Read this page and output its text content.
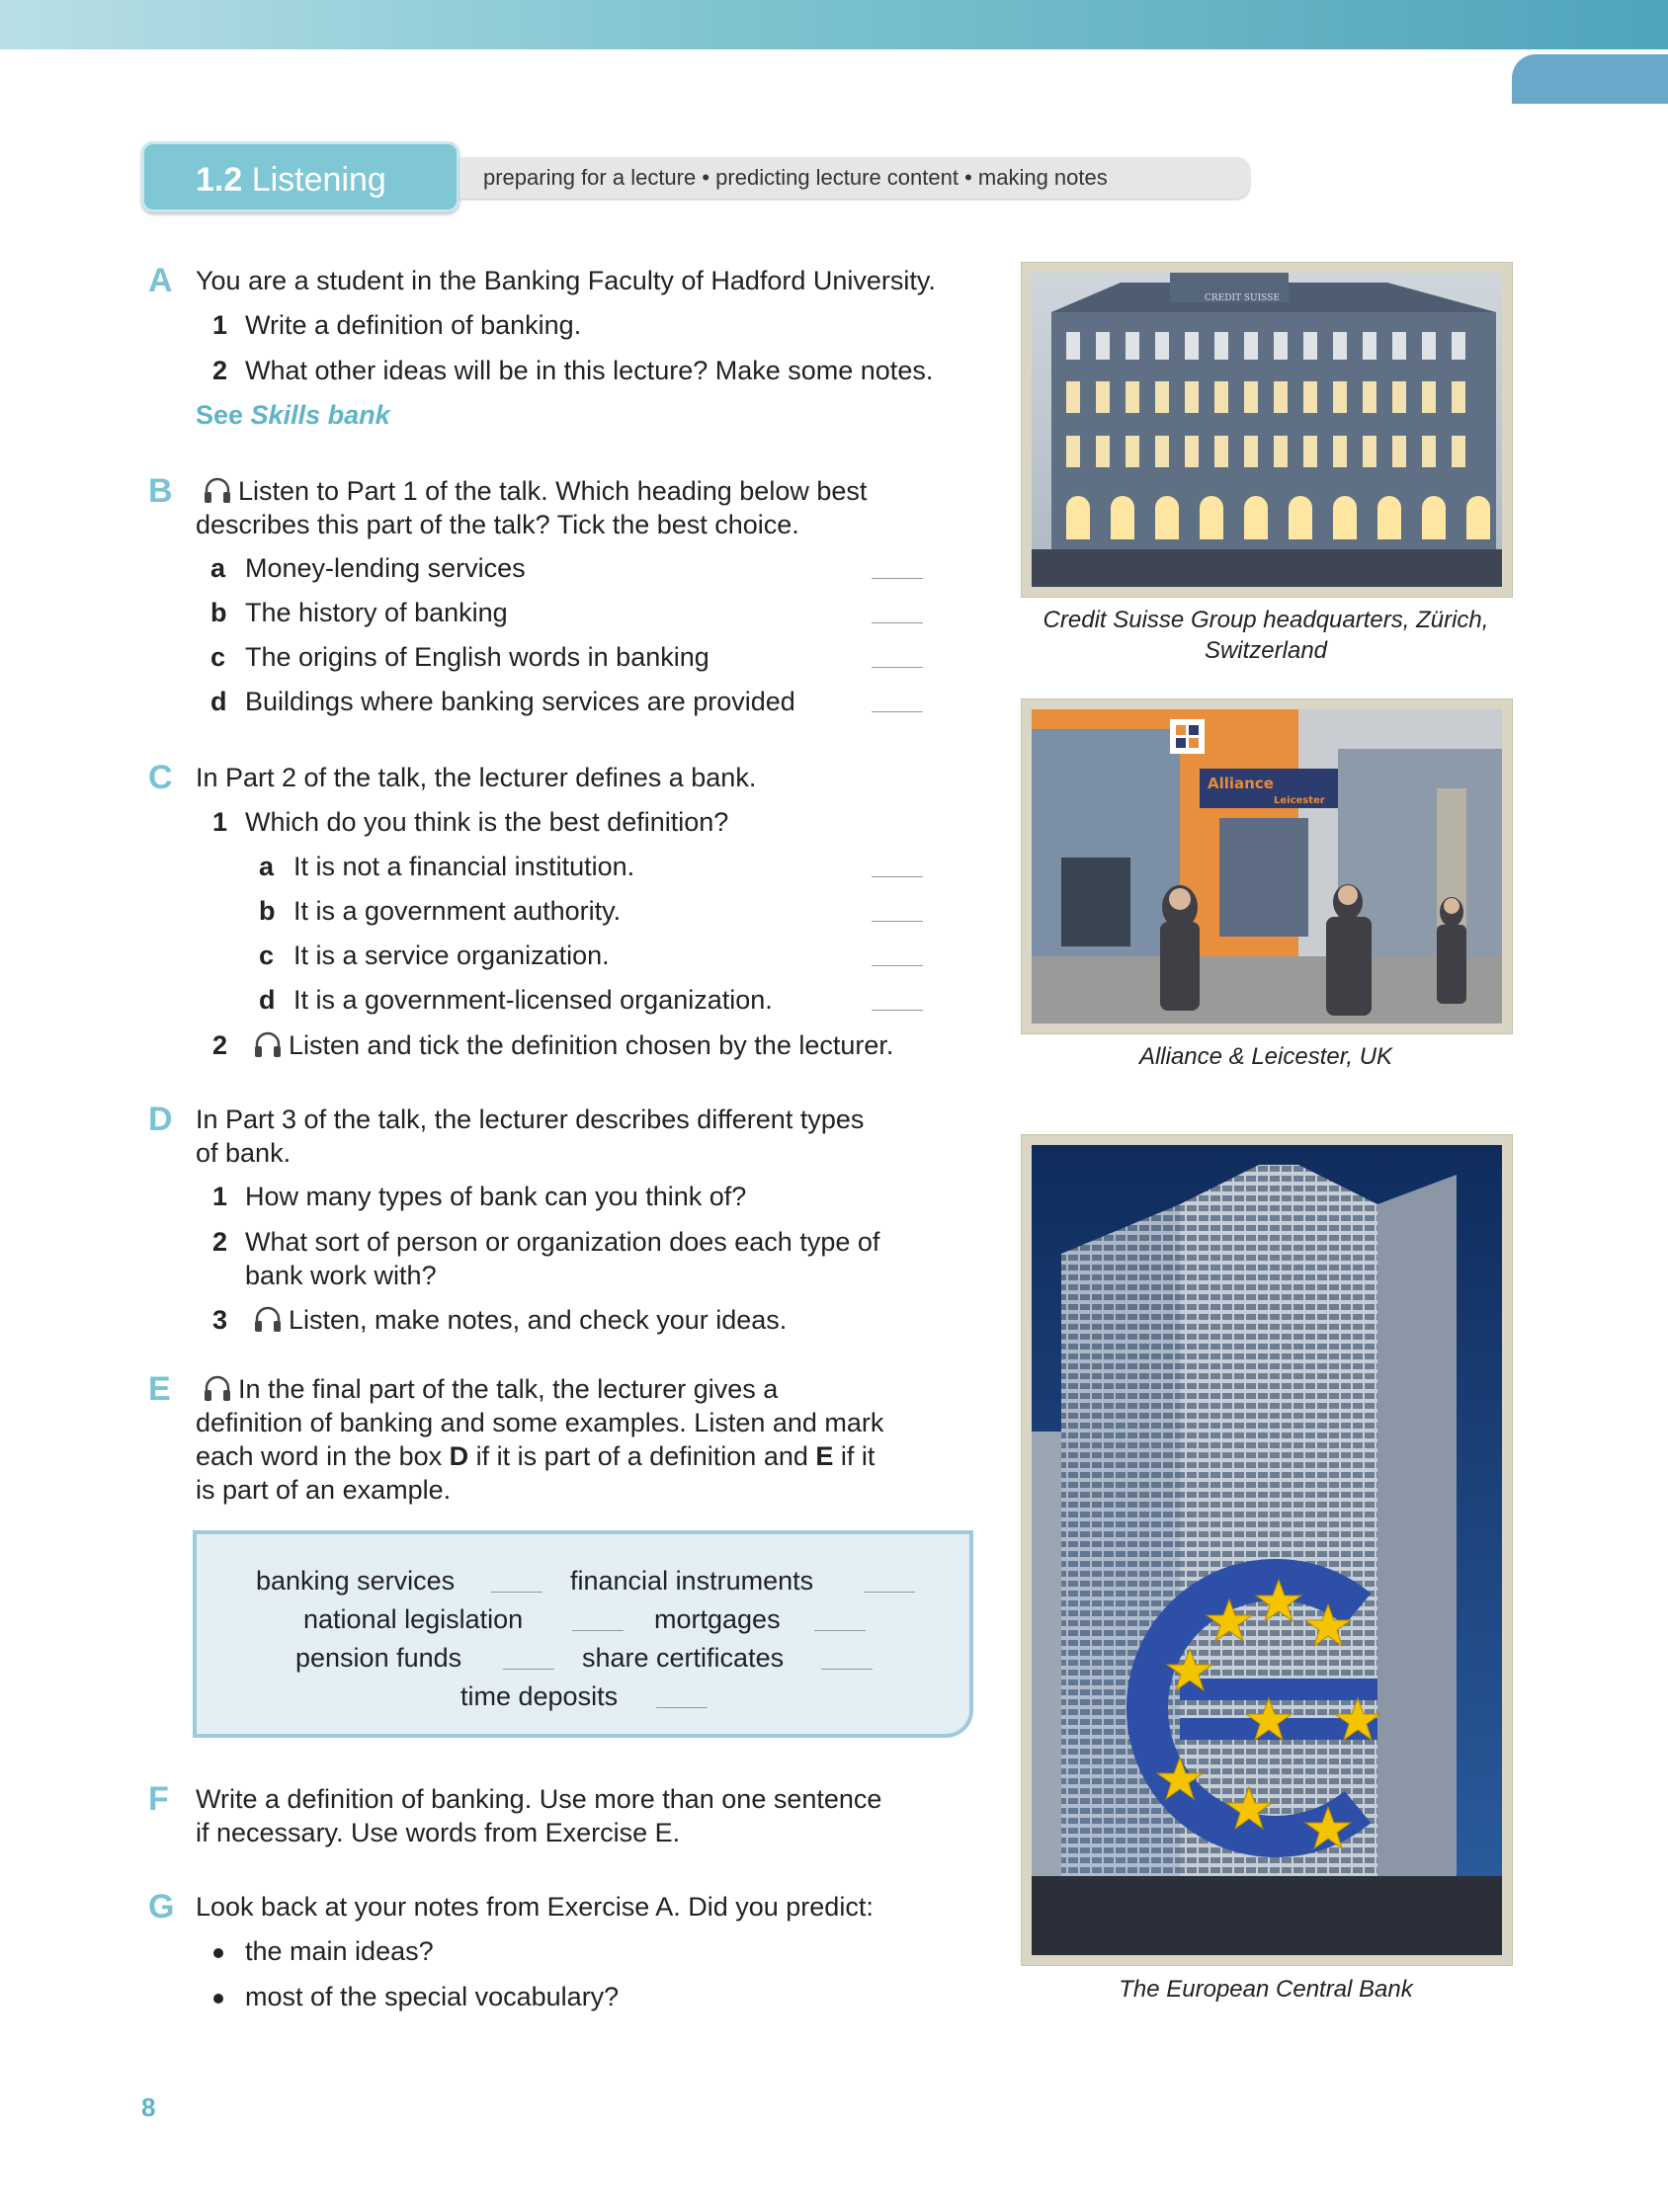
1.2 Listening	preparing for a lecture • predicting lecture content • making notes
A You are a student in the Banking Faculty of Hadford University.
1 Write a definition of banking.
2 What other ideas will be in this lecture? Make some notes.
See Skills bank
B	Listen to Part 1 of the talk. Which heading below best
describes this part of the talk? Tick the best choice.
a Money-lending services
b The history of banking
c The origins of English words in banking
d Buildings where banking services are provided
C In Part 2 of the talk, the lecturer defines a bank.
1 Which do you think is the best definition?
a It is not a financial institution.
b It is a government authority.
c It is a service organization.
d It is a government-licensed organization.
2	Listen and tick the definition chosen by the lecturer.
D In Part 3 of the talk, the lecturer describes different types
of bank.
1 How many types of bank can you think of?
2 What sort of person or organization does each type of
bank work with?
3	Listen, make notes, and check your ideas.
E	In the final part of the talk, the lecturer gives a
definition of banking and some examples. Listen and mark
each word in the box D if it is part of a definition and E if it
is part of an example.
banking services	financial instruments
national legislation	mortgages
pension funds	share certificates
time deposits
F Write a definition of banking. Use more than one sentence
if necessary. Use words from Exercise E.
G Look back at your notes from Exercise A. Did you predict:
the main ideas?
most of the special vocabulary?
CREDIT SUISSE
Credit Suisse Group headquarters, Zürich,
Switzerland
Alliance
Leicester
Alliance & Leicester, UK
The European Central Bank
8
